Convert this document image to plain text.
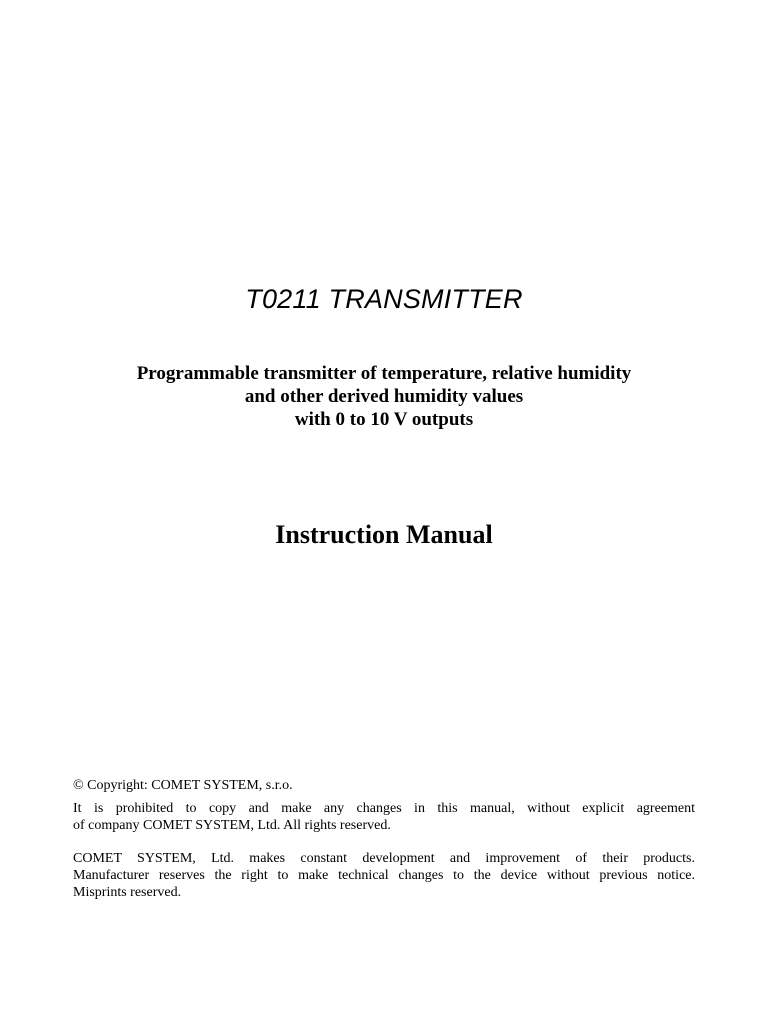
T0211 TRANSMITTER
Programmable transmitter of temperature, relative humidity
and other derived humidity values
with 0 to 10 V outputs
Instruction Manual
© Copyright: COMET SYSTEM, s.r.o.
It is prohibited to copy and make any changes in this manual, without explicit agreement
of company COMET SYSTEM, Ltd. All rights reserved.
COMET SYSTEM, Ltd. makes constant development and improvement of their products.
Manufacturer reserves the right to make technical changes to the device without previous notice.
Misprints reserved.
